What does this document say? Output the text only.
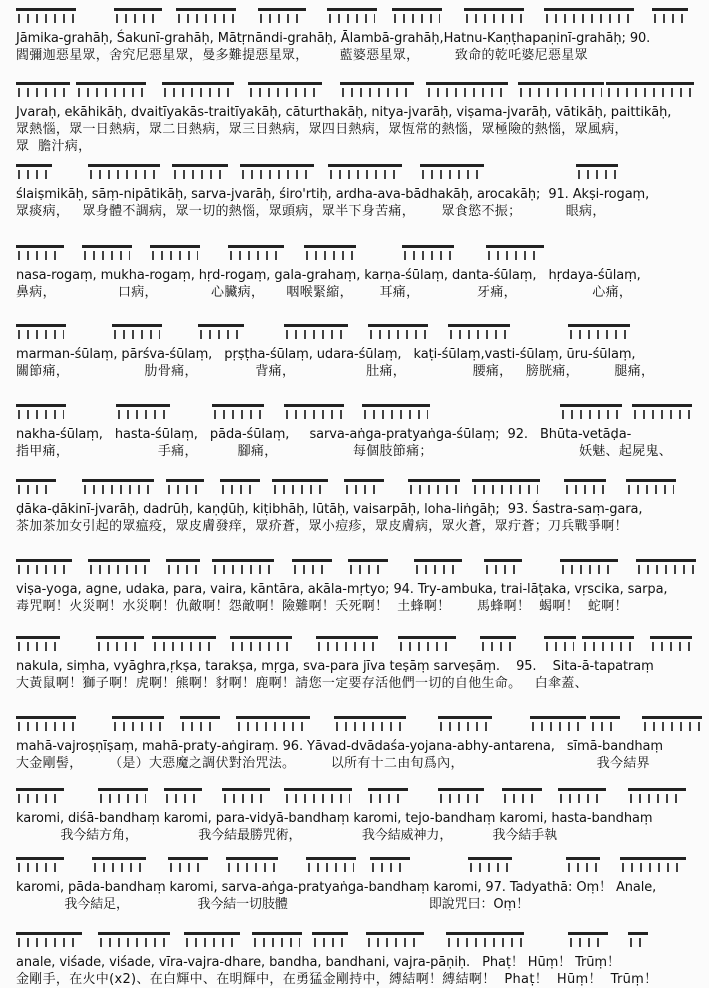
Jāmika-grahāḥ, Śakunī-grahāḥ, Mātṛnāndi-grahāḥ, Ālambā-grahāḥ,Hatnu-Kaṇṭhapaṇinī-grahāḥ; 90.
閻彌迦惡星眾，舍究尼惡星眾，曼多難提惡星眾，       藍婆惡星眾，        致命的乾吒婆尼惡星眾
Jvaraḥ, ekāhikāḥ, dvaitīyakās-traitīyakāḥ, cāturthakāḥ, nitya-jvarāḥ, viṣama-jvarāḥ, vātikāḥ, paittikāḥ,
眾熱惱，眾一日熱病，眾二日熱病，眾三日熱病，眾四日熱病，眾恆常的熱惱，眾極險的熱惱，眾風病，
眾  膽汁病，
ślaiṣmikāḥ, sāṃ-nipātikāḥ, sarva-jvarāḥ, śiro'rtiḥ, ardha-ava-bādhakāḥ, arocakāḥ;  91. Akṣi-rogaṃ,
眾痰病，   眾身體不調病，眾一切的熱惱，眾頭病，眾半下身苦痛，      眾食慾不振；          眼病，
nasa-rogaṃ, mukha-rogaṃ, hṛd-rogaṃ, gala-grahaṃ, karṇa-śūlaṃ, danta-śūlaṃ,   hṛdaya-śūlaṃ,
鼻病，              口病，            心臟病，     咽喉緊縮，      耳痛，             牙痛，                 心痛，
marman-śūlaṃ, pārśva-śūlaṃ,   pṛṣṭha-śūlaṃ, udara-śūlaṃ,   kaṭi-śūlaṃ,vasti-śūlaṃ, ūru-śūlaṃ,
關節痛，                 肋骨痛，             背痛，                肚痛，               腰痛，   膀胱痛，        腿痛，
nakha-śūlaṃ,   hasta-śūlaṃ,   pāda-śūlaṃ,     sarva-aṅga-pratyaṅga-śūlaṃ;  92.   Bhūta-vetāḍa-
指甲痛，                    手痛，         腳痛，                 每個肢節痛；                                 妖魅、起屍鬼、
ḍāka-ḍākinī-jvarāḥ, dadrūḥ, kaṇḍūḥ, kiṭibhāḥ, lūtāḥ, vaisarpāḥ, loha-liṅgāḥ;  93. Śastra-saṃ-gara,
茶加茶加女引起的眾瘟疫，眾皮膚發痒，眾疥蒼，眾小痘疹，眾皮膚病，眾火蒼，眾疔蒼；刀兵戰爭啊！
viṣa-yoga, agne, udaka, para, vaira, kāntāra, akāla-mṛtyo; 94. Try-ambuka, trai-lāṭaka, vṛscika, sarpa,
毒咒啊！火災啊！水災啊！仇敵啊！怨敵啊！險難啊！夭死啊！  土蜂啊！      馬蜂啊！  蝎啊！  蛇啊！
nakula, siṃha, vyāghra,ṛkṣa, tarakṣa, mṛga, sva-para jīva teṣāṃ sarveṣāṃ.    95.    Sita-ā-tapatraṃ
大黃鼠啊！獅子啊！虎啊！熊啊！豺啊！鹿啊！請您一定要存活他們一切的自他生命。   白傘蓋、
mahā-vajroṣṇīṣaṃ, mahā-praty-aṅgiraṃ. 96. Yāvad-dvādaśa-yojana-abhy-antarena,   sīmā-bandhaṃ
大金剛髻，      （是）大惡魔之調伏對治咒法。        以所有十二由旬爲內，                              我今結界
karomi, diśā-bandhaṃ karomi, para-vidyā-bandhaṃ karomi, tejo-bandhaṃ karomi, hasta-bandhaṃ
我今結方角，               我今結最勝咒術，               我今結威神力，          我今結手執
karomi, pāda-bandhaṃ karomi, sarva-aṅga-pratyaṅga-bandhaṃ karomi, 97. Tadyathā: Oṃ！ Anale,
我今結足，                 我今結一切肢體                                   即說咒曰：Oṃ！
anale, viśade, viśade, vīra-vajra-dhare, bandha, bandhani, vajra-pāṇiḥ.   Phaṭ！ Hūṃ！ Trūṃ！
金剛手，在火中(x2)、在白輝中、在明輝中，在勇猛金剛持中，縛結啊！縛結啊！  Phaṭ！  Hūṃ！  Trūṃ！
